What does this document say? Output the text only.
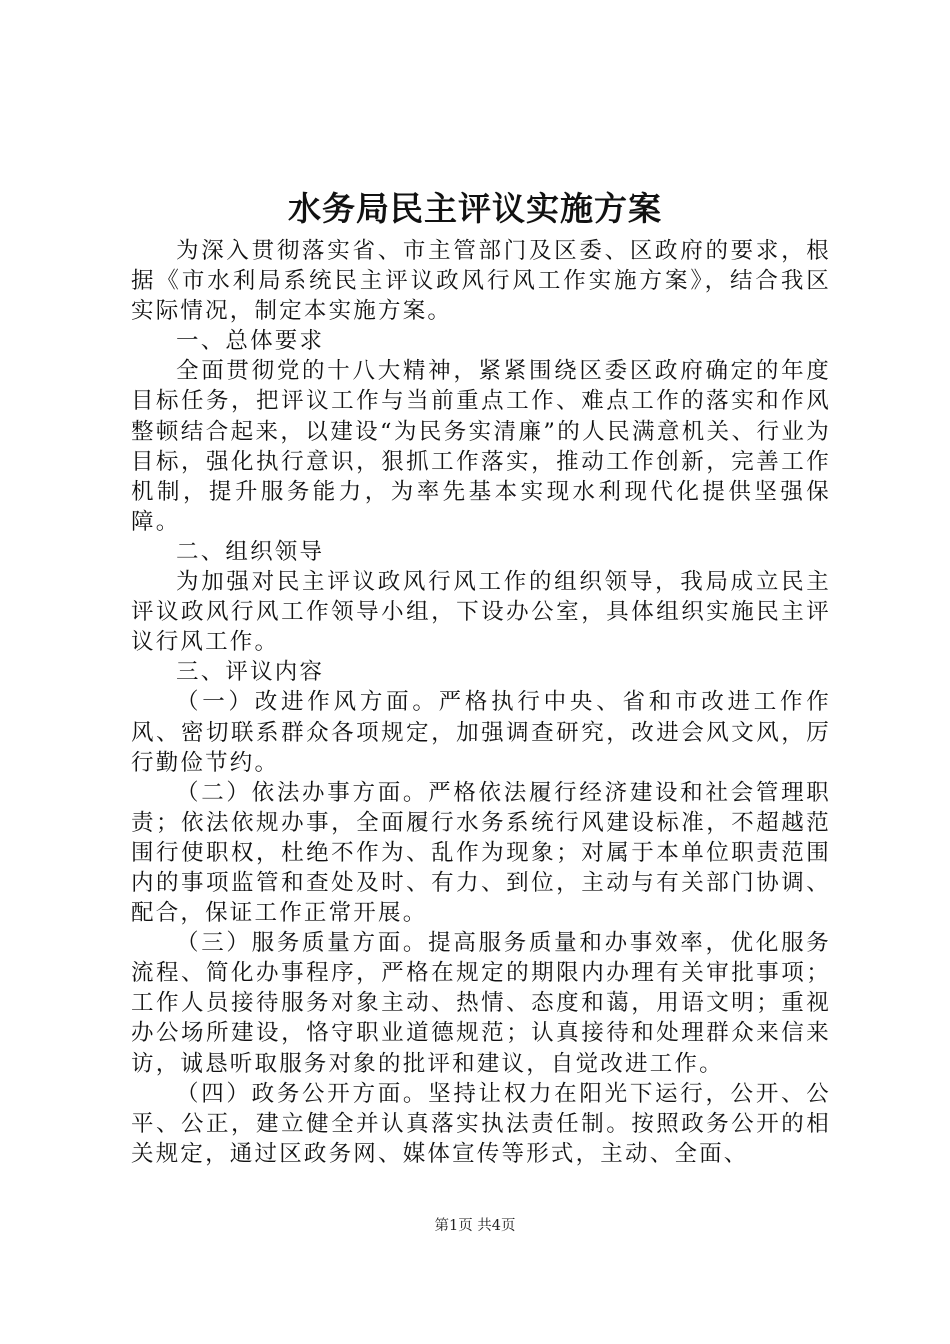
水务局民主评议实施方案

为深入贯彻落实省、市主管部门及区委、区政府的要求，根据《市水利局系统民主评议政风行风工作实施方案》，结合我区实际情况，制定本实施方案。

一、总体要求

全面贯彻党的十八大精神，紧紧围绕区委区政府确定的年度目标任务，把评议工作与当前重点工作、难点工作的落实和作风整顿结合起来，以建设“为民务实清廉”的人民满意机关、行业为目标，强化执行意识，狠抓工作落实，推动工作创新，完善工作机制，提升服务能力，为率先基本实现水利现代化提供坚强保障。

二、组织领导

为加强对民主评议政风行风工作的组织领导，我局成立民主评议政风行风工作领导小组，下设办公室，具体组织实施民主评议行风工作。

三、评议内容

（一）改进作风方面。严格执行中央、省和市改进工作作风、密切联系群众各项规定，加强调查研究，改进会风文风，厉行勤俭节约。

（二）依法办事方面。严格依法履行经济建设和社会管理职责；依法依规办事，全面履行水务系统行风建设标准，不超越范围行使职权，杜绝不作为、乱作为现象；对属于本单位职责范围内的事项监管和查处及时、有力、到位，主动与有关部门协调、配合，保证工作正常开展。

（三）服务质量方面。提高服务质量和办事效率，优化服务流程、简化办事程序，严格在规定的期限内办理有关审批事项；工作人员接待服务对象主动、热情、态度和蔼，用语文明；重视办公场所建设，恪守职业道德规范；认真接待和处理群众来信来访，诚恳听取服务对象的批评和建议，自觉改进工作。

（四）政务公开方面。坚持让权力在阳光下运行，公开、公平、公正，建立健全并认真落实执法责任制。按照政务公开的相关规定，通过区政务网、媒体宣传等形式，主动、全面、

第1页 共4页
